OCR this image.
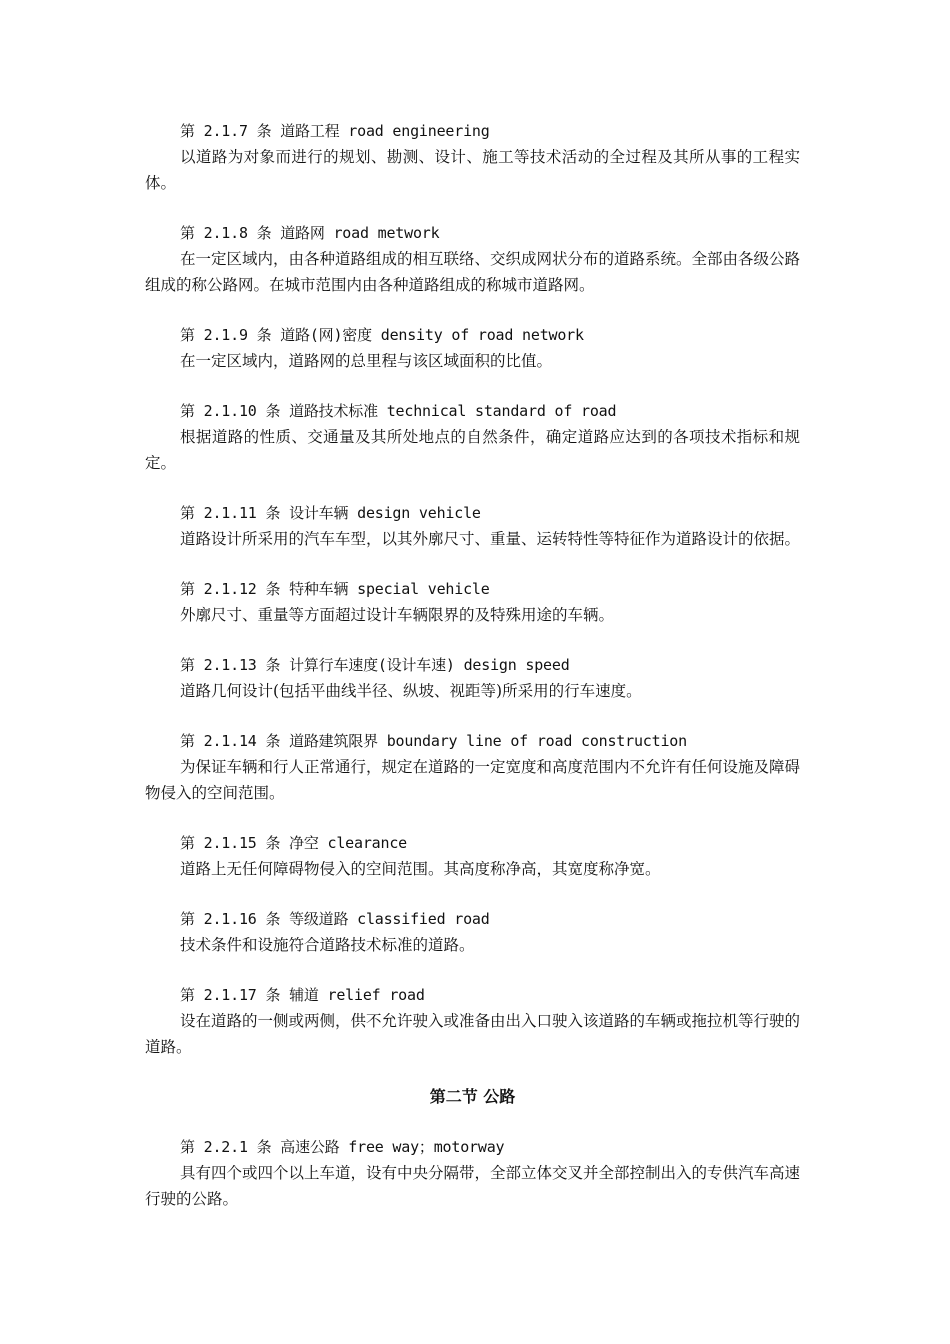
第 2.1.7 条 道路工程 road engineering
以道路为对象而进行的规划、勘测、设计、施工等技术活动的全过程及其所从事的工程实体。
第 2.1.8 条 道路网 road metwork
在一定区域内，由各种道路组成的相互联络、交织成网状分布的道路系统。全部由各级公路组成的称公路网。在城市范围内由各种道路组成的称城市道路网。
第 2.1.9 条 道路(网)密度 density of road network
在一定区域内，道路网的总里程与该区域面积的比值。
第 2.1.10 条 道路技术标准 technical standard of road
根据道路的性质、交通量及其所处地点的自然条件，确定道路应达到的各项技术指标和规定。
第 2.1.11 条 设计车辆 design vehicle
道路设计所采用的汽车车型，以其外廓尺寸、重量、运转特性等特征作为道路设计的依据。
第 2.1.12 条 特种车辆 special vehicle
外廓尺寸、重量等方面超过设计车辆限界的及特殊用途的车辆。
第 2.1.13 条 计算行车速度(设计车速) design speed
道路几何设计(包括平曲线半径、纵坡、视距等)所采用的行车速度。
第 2.1.14 条 道路建筑限界 boundary line of road construction
为保证车辆和行人正常通行，规定在道路的一定宽度和高度范围内不允许有任何设施及障碍物侵入的空间范围。
第 2.1.15 条 净空 clearance
道路上无任何障碍物侵入的空间范围。其高度称净高，其宽度称净宽。
第 2.1.16 条 等级道路 classified road
技术条件和设施符合道路技术标准的道路。
第 2.1.17 条 辅道 relief road
设在道路的一侧或两侧，供不允许驶入或准备由出入口驶入该道路的车辆或拖拉机等行驶的道路。
第二节 公路
第 2.2.1 条 高速公路 free way；motorway
具有四个或四个以上车道，设有中央分隔带，全部立体交叉并全部控制出入的专供汽车高速行驶的公路。
